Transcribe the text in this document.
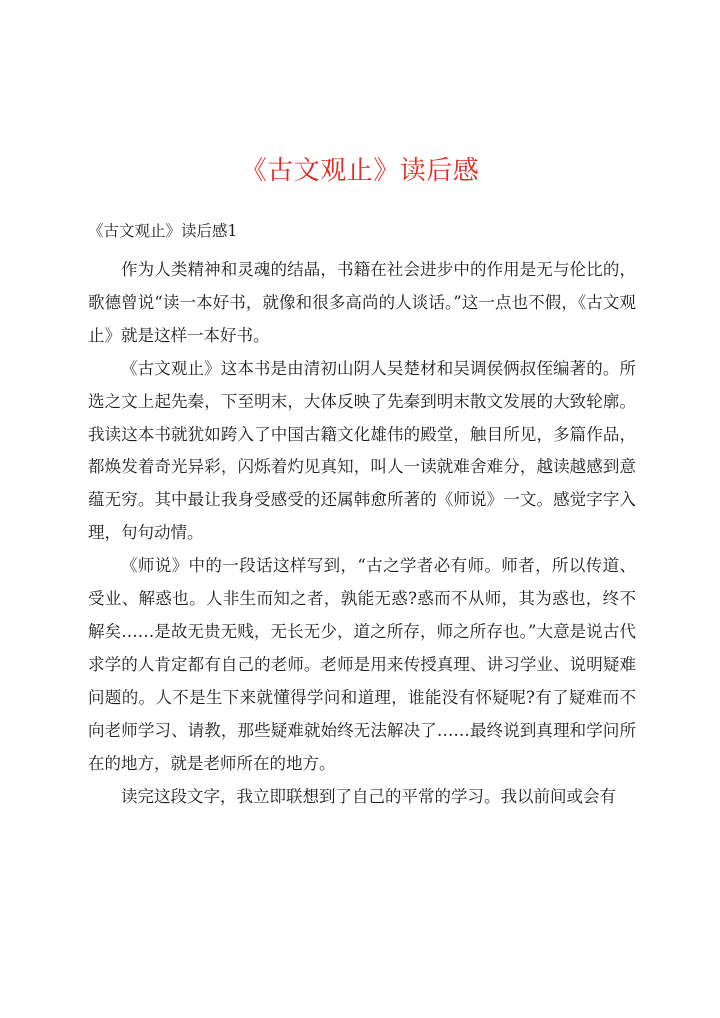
《古文观止》读后感
《古文观止》读后感1

作为人类精神和灵魂的结晶，书籍在社会进步中的作用是无与伦比的，歌德曾说“读一本好书，就像和很多高尚的人谈话。”这一点也不假，《古文观止》就是这样一本好书。

《古文观止》这本书是由清初山阴人吴楚材和吴调侯俩叔侄编著的。所选之文上起先秦，下至明末，大体反映了先秦到明末散文发展的大致轮廓。我读这本书就犹如跨入了中国古籍文化雄伟的殿堂，触目所见，多篇作品，都焕发着奇光异彩，闪烁着灼见真知，叫人一读就难舍难分，越读越感到意蕴无穷。其中最让我身受感受的还属韩愈所著的《师说》一文。感觉字字入理，句句动情。

《师说》中的一段话这样写到，“古之学者必有师。师者，所以传道、受业、解惑也。人非生而知之者，孰能无惑?惑而不从师，其为惑也，终不解矣……是故无贵无贱，无长无少，道之所存，师之所存也。”大意是说古代求学的人肯定都有自己的老师。老师是用来传授真理、讲习学业、说明疑难问题的。人不是生下来就懂得学问和道理，谁能没有怀疑呢?有了疑难而不向老师学习、请教，那些疑难就始终无法解决了……最终说到真理和学问所在的地方，就是老师所在的地方。

读完这段文字，我立即联想到了自己的平常的学习。我以前间或会有
